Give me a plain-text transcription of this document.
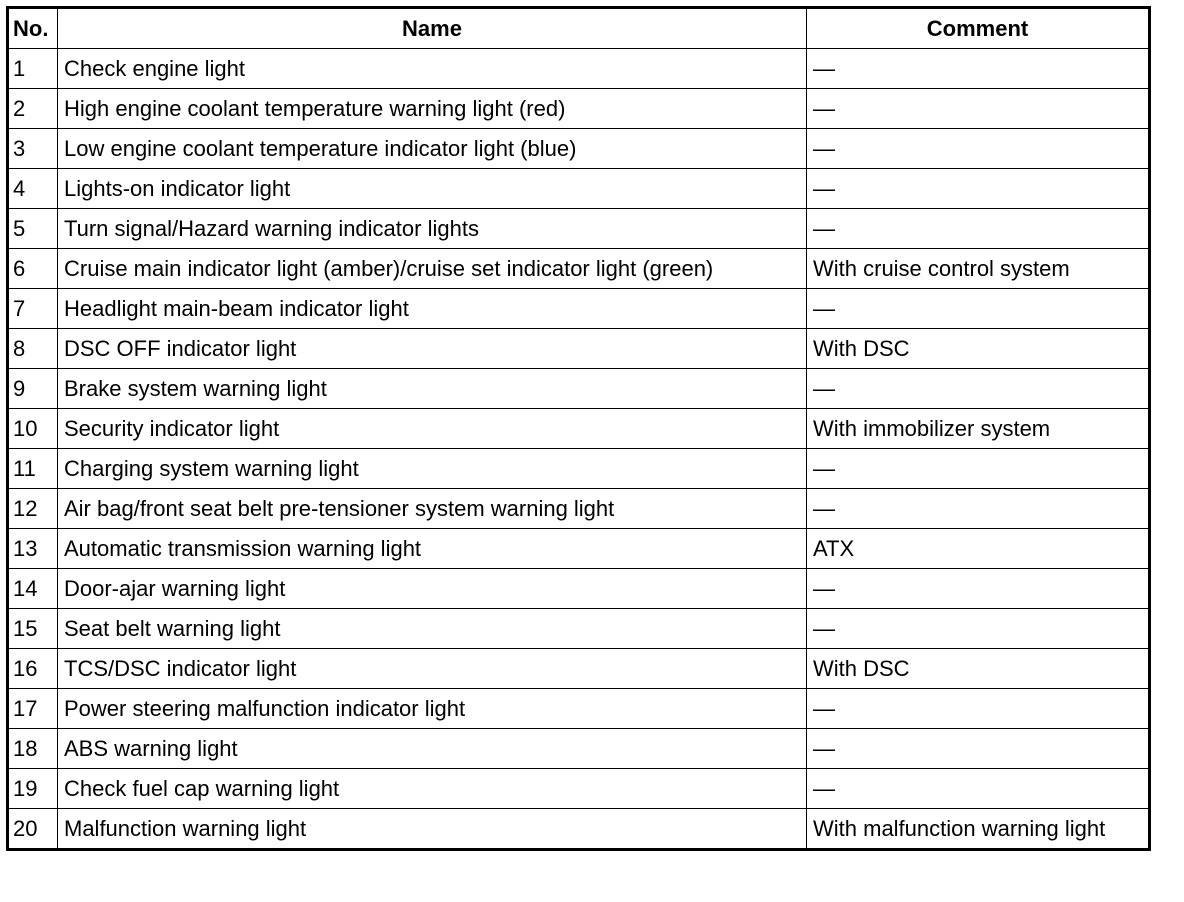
No.	Name	Comment
1	Check engine light	—
2	High engine coolant temperature warning light (red)	—
3	Low engine coolant temperature indicator light (blue)	—
4	Lights-on indicator light	—
5	Turn signal/Hazard warning indicator lights	—
6	Cruise main indicator light (amber)/cruise set indicator light (green)	With cruise control system
7	Headlight main-beam indicator light	—
8	DSC OFF indicator light	With DSC
9	Brake system warning light	—
10	Security indicator light	With immobilizer system
11	Charging system warning light	—
12	Air bag/front seat belt pre-tensioner system warning light	—
13	Automatic transmission warning light	ATX
14	Door-ajar warning light	—
15	Seat belt warning light	—
16	TCS/DSC indicator light	With DSC
17	Power steering malfunction indicator light	—
18	ABS warning light	—
19	Check fuel cap warning light	—
20	Malfunction warning light	With malfunction warning light
